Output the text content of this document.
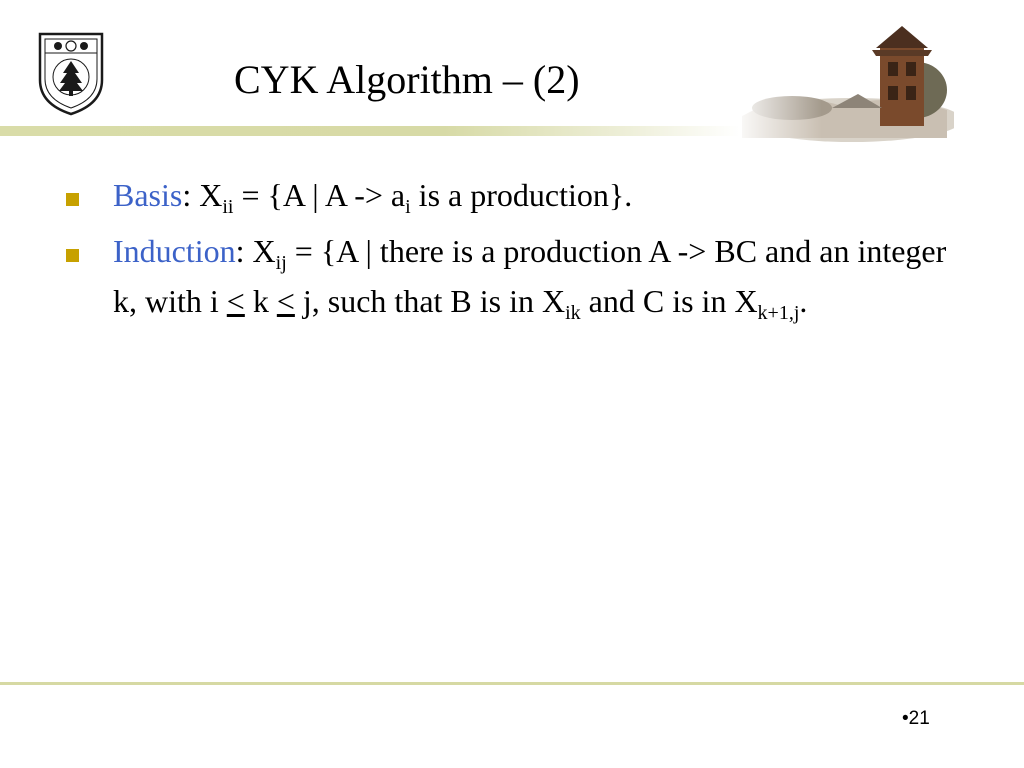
CYK Algorithm – (2)
Basis: $X_{ii} = \{A$ | $A -> a_i$ is a production}.
Induction: $X_{ij} = \{A$ | there is a production A -> BC and an integer k, with i ≤ k ≤ j, such that B is in $X_{ik}$ and C is in $X_{k+1,j}$.
•21
